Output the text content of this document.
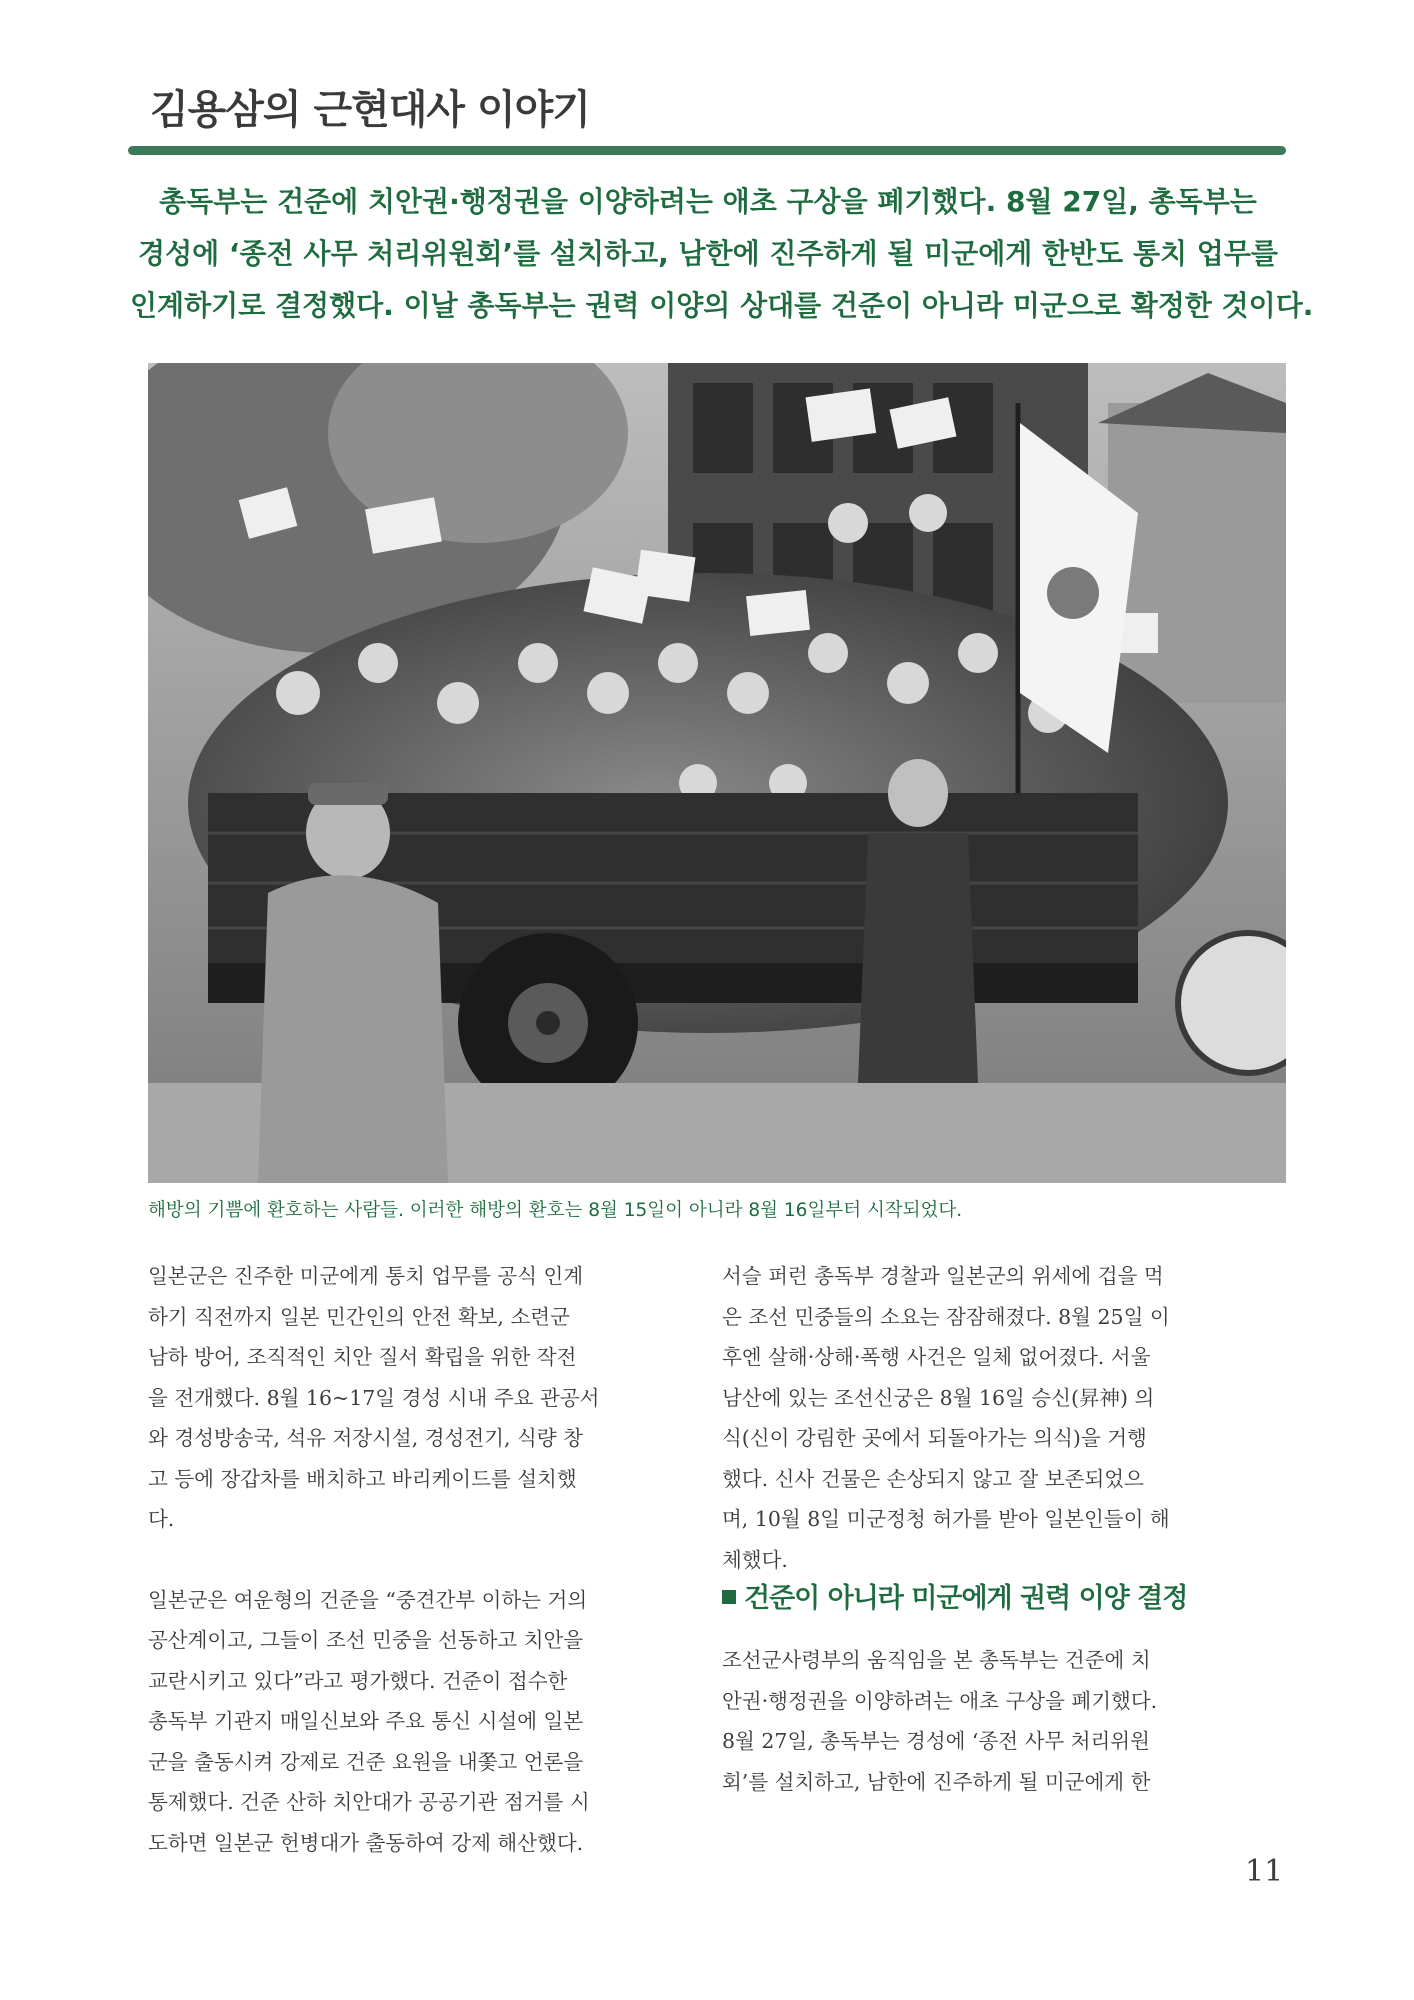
김용삼의 근현대사 이야기
총독부는 건준에 치안권·행정권을 이양하려는 애초 구상을 폐기했다. 8월 27일, 총독부는
경성에 ‘종전 사무 처리위원회’를 설치하고, 남한에 진주하게 될 미군에게 한반도 통치 업무를
인계하기로 결정했다. 이날 총독부는 권력 이양의 상대를 건준이 아니라 미군으로 확정한 것이다.
해방의 기쁨에 환호하는 사람들. 이러한 해방의 환호는 8월 15일이 아니라 8월 16일부터 시작되었다.

일본군은 진주한 미군에게 통치 업무를 공식 인계
하기 직전까지 일본 민간인의 안전 확보, 소련군
남하 방어, 조직적인 치안 질서 확립을 위한 작전
을 전개했다. 8월 16~17일 경성 시내 주요 관공서
와 경성방송국, 석유 저장시설, 경성전기, 식량 창
고 등에 장갑차를 배치하고 바리케이드를 설치했
다.

일본군은 여운형의 건준을 “중견간부 이하는 거의
공산계이고, 그들이 조선 민중을 선동하고 치안을
교란시키고 있다”라고 평가했다. 건준이 접수한
총독부 기관지 매일신보와 주요 통신 시설에 일본
군을 출동시켜 강제로 건준 요원을 내쫓고 언론을
통제했다. 건준 산하 치안대가 공공기관 점거를 시
도하면 일본군 헌병대가 출동하여 강제 해산했다.

서슬 퍼런 총독부 경찰과 일본군의 위세에 겁을 먹
은 조선 민중들의 소요는 잠잠해졌다. 8월 25일 이
후엔 살해·상해·폭행 사건은 일체 없어졌다. 서울
남산에 있는 조선신궁은 8월 16일 승신(昇神) 의
식(신이 강림한 곳에서 되돌아가는 의식)을 거행
했다. 신사 건물은 손상되지 않고 잘 보존되었으
며, 10월 8일 미군정청 허가를 받아 일본인들이 해
체했다.

건준이 아니라 미군에게 권력 이양 결정

조선군사령부의 움직임을 본 총독부는 건준에 치
안권·행정권을 이양하려는 애초 구상을 폐기했다.
8월 27일, 총독부는 경성에 ‘종전 사무 처리위원
회’를 설치하고, 남한에 진주하게 될 미군에게 한

11
